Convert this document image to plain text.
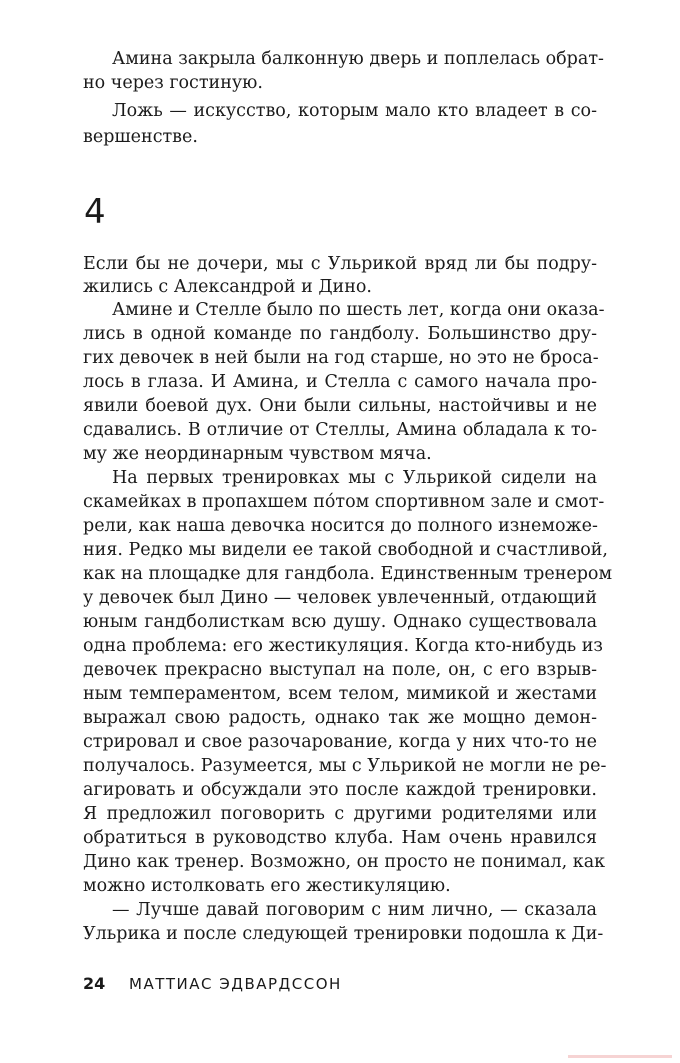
Амина закрыла балконную дверь и поплелась обрат-
но через гостиную.
Ложь — искусство, которым мало кто владеет в со-
вершенстве.
4
Если бы не дочери, мы с Ульрикой вряд ли бы подру-
жились с Александрой и Дино.
Амине и Стелле было по шесть лет, когда они оказа-
лись в одной команде по гандболу. Большинство дру-
гих девочек в ней были на год старше, но это не броса-
лось в глаза. И Амина, и Стелла с самого начала про-
явили боевой дух. Они были сильны, настойчивы и не
сдавались. В отличие от Стеллы, Амина обладала к то-
му же неординарным чувством мяча.
На первых тренировках мы с Ульрикой сидели на
скамейках в пропахшем по́том спортивном зале и смот-
рели, как наша девочка носится до полного изнеможе-
ния. Редко мы видели ее такой свободной и счастливой,
как на площадке для гандбола. Единственным тренером
у девочек был Дино — человек увлеченный, отдающий
юным гандболисткам всю душу. Однако существовала
одна проблема: его жестикуляция. Когда кто-нибудь из
девочек прекрасно выступал на поле, он, с его взрыв-
ным темпераментом, всем телом, мимикой и жестами
выражал свою радость, однако так же мощно демон-
стрировал и свое разочарование, когда у них что-то не
получалось. Разумеется, мы с Ульрикой не могли не ре-
агировать и обсуждали это после каждой тренировки.
Я предложил поговорить с другими родителями или
обратиться в руководство клуба. Нам очень нравился
Дино как тренер. Возможно, он просто не понимал, как
можно истолковать его жестикуляцию.
— Лучше давай поговорим с ним лично, — сказала
Ульрика и после следующей тренировки подошла к Ди-
24 МАТТИАС ЭДВАРДССОН
